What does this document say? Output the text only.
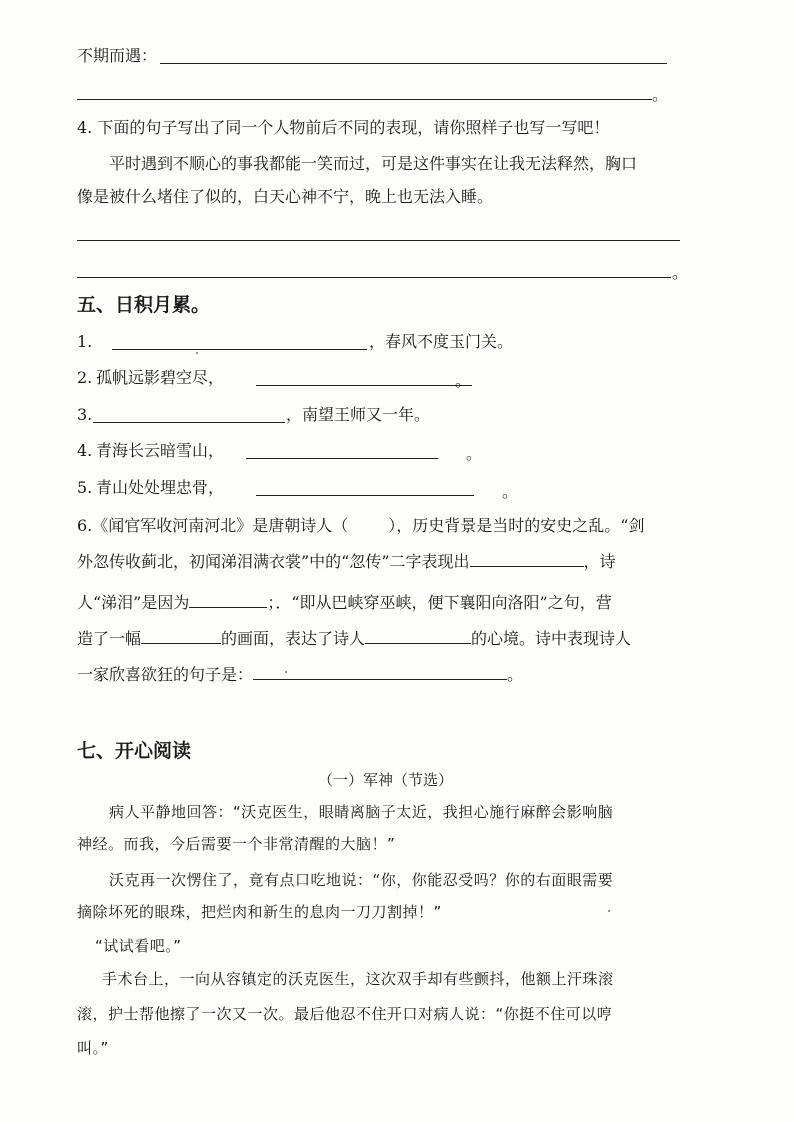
不期而遇：
。
4. 下面的句子写出了同一个人物前后不同的表现，请你照样子也写一写吧！
平时遇到不顺心的事我都能一笑而过，可是这件事实在让我无法释然，胸口
像是被什么堵住了似的，白天心神不宁，晚上也无法入睡。
。
五、日积月累。
1.	，春风不度玉门关。
2. 孤帆远影碧空尽，	。
3.	，南望王师又一年。
4. 青海长云暗雪山，	。
5. 青山处处埋忠骨，	。
6.《闻官军收河南河北》是唐朝诗人（	），历史背景是当时的安史之乱。“剑
外忽传收蓟北，初闻涕泪满衣裳”中的“忽传”二字表现出	，诗
人“涕泪”是因为	；．“即从巴峡穿巫峡，便下襄阳向洛阳”之句，营
造了一幅	的画面，表达了诗人	的心境。诗中表现诗人
一家欣喜欲狂的句子是：	。
七、开心阅读
（一）军神（节选）
病人平静地回答：“沃克医生，眼睛离脑子太近，我担心施行麻醉会影响脑
神经。而我，今后需要一个非常清醒的大脑！”
沃克再一次愣住了，竟有点口吃地说：“你，你能忍受吗？你的右面眼需要
摘除坏死的眼珠，把烂肉和新生的息肉一刀刀割掉！”
“试试看吧。”
手术台上，一向从容镇定的沃克医生，这次双手却有些颤抖，他额上汗珠滚
滚，护士帮他擦了一次又一次。最后他忍不住开口对病人说：“你挺不住可以哼
叫。”
